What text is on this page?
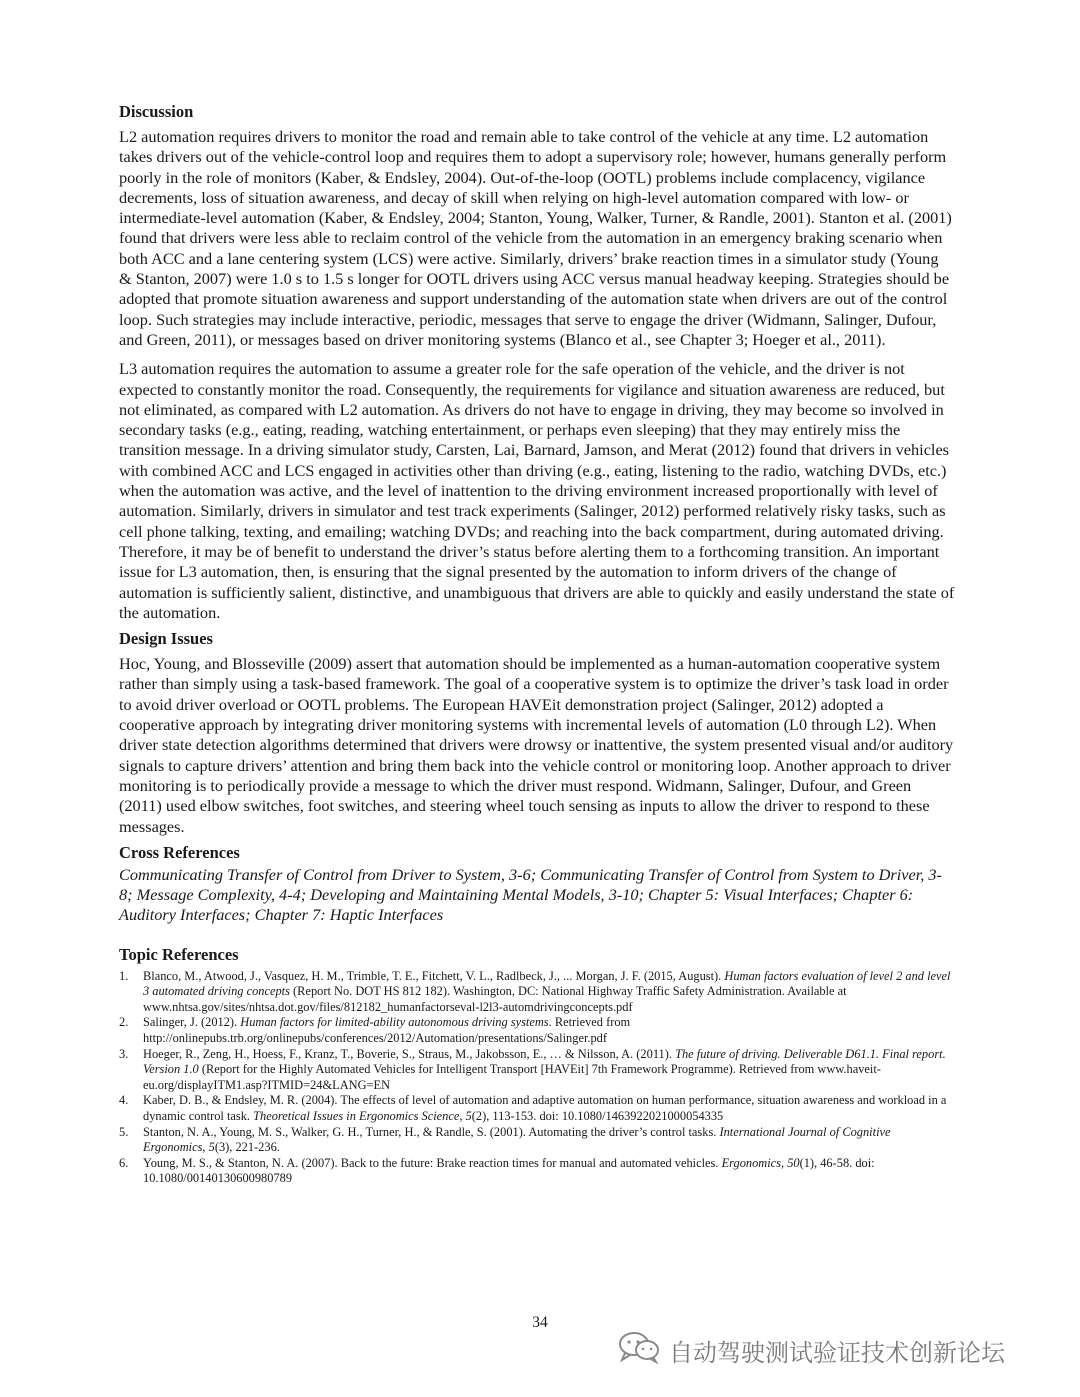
Discussion

L2 automation requires drivers to monitor the road and remain able to take control of the vehicle at any time. L2 automation takes drivers out of the vehicle-control loop and requires them to adopt a supervisory role; however, humans generally perform poorly in the role of monitors (Kaber, & Endsley, 2004). Out-of-the-loop (OOTL) problems include complacency, vigilance decrements, loss of situation awareness, and decay of skill when relying on high-level automation compared with low- or intermediate-level automation (Kaber, & Endsley, 2004; Stanton, Young, Walker, Turner, & Randle, 2001). Stanton et al. (2001) found that drivers were less able to reclaim control of the vehicle from the automation in an emergency braking scenario when both ACC and a lane centering system (LCS) were active. Similarly, drivers’ brake reaction times in a simulator study (Young & Stanton, 2007) were 1.0 s to 1.5 s longer for OOTL drivers using ACC versus manual headway keeping. Strategies should be adopted that promote situation awareness and support understanding of the automation state when drivers are out of the control loop. Such strategies may include interactive, periodic, messages that serve to engage the driver (Widmann, Salinger, Dufour, and Green, 2011), or messages based on driver monitoring systems (Blanco et al., see Chapter 3; Hoeger et al., 2011).

L3 automation requires the automation to assume a greater role for the safe operation of the vehicle, and the driver is not expected to constantly monitor the road. Consequently, the requirements for vigilance and situation awareness are reduced, but not eliminated, as compared with L2 automation. As drivers do not have to engage in driving, they may become so involved in secondary tasks (e.g., eating, reading, watching entertainment, or perhaps even sleeping) that they may entirely miss the transition message. In a driving simulator study, Carsten, Lai, Barnard, Jamson, and Merat (2012) found that drivers in vehicles with combined ACC and LCS engaged in activities other than driving (e.g., eating, listening to the radio, watching DVDs, etc.) when the automation was active, and the level of inattention to the driving environment increased proportionally with level of automation. Similarly, drivers in simulator and test track experiments (Salinger, 2012) performed relatively risky tasks, such as cell phone talking, texting, and emailing; watching DVDs; and reaching into the back compartment, during automated driving. Therefore, it may be of benefit to understand the driver’s status before alerting them to a forthcoming transition. An important issue for L3 automation, then, is ensuring that the signal presented by the automation to inform drivers of the change of automation is sufficiently salient, distinctive, and unambiguous that drivers are able to quickly and easily understand the state of the automation.

Design Issues

Hoc, Young, and Blosseville (2009) assert that automation should be implemented as a human-automation cooperative system rather than simply using a task-based framework. The goal of a cooperative system is to optimize the driver’s task load in order to avoid driver overload or OOTL problems. The European HAVEit demonstration project (Salinger, 2012) adopted a cooperative approach by integrating driver monitoring systems with incremental levels of automation (L0 through L2). When driver state detection algorithms determined that drivers were drowsy or inattentive, the system presented visual and/or auditory signals to capture drivers’ attention and bring them back into the vehicle control or monitoring loop. Another approach to driver monitoring is to periodically provide a message to which the driver must respond. Widmann, Salinger, Dufour, and Green (2011) used elbow switches, foot switches, and steering wheel touch sensing as inputs to allow the driver to respond to these messages.

Cross References

Communicating Transfer of Control from Driver to System, 3-6; Communicating Transfer of Control from System to Driver, 3-8; Message Complexity, 4-4; Developing and Maintaining Mental Models, 3-10; Chapter 5: Visual Interfaces; Chapter 6: Auditory Interfaces; Chapter 7: Haptic Interfaces

Topic References
1. Blanco, M., Atwood, J., Vasquez, H. M., Trimble, T. E., Fitchett, V. L., Radlbeck, J., ... Morgan, J. F. (2015, August). Human factors evaluation of level 2 and level 3 automated driving concepts (Report No. DOT HS 812 182). Washington, DC: National Highway Traffic Safety Administration. Available at www.nhtsa.gov/sites/nhtsa.dot.gov/files/812182_humanfactorseval-l2l3-automdrivingconcepts.pdf
2. Salinger, J. (2012). Human factors for limited-ability autonomous driving systems. Retrieved from http://onlinepubs.trb.org/onlinepubs/conferences/2012/Automation/presentations/Salinger.pdf
3. Hoeger, R., Zeng, H., Hoess, F., Kranz, T., Boverie, S., Straus, M., Jakobsson, E., … & Nilsson, A. (2011). The future of driving. Deliverable D61.1. Final report. Version 1.0 (Report for the Highly Automated Vehicles for Intelligent Transport [HAVEit] 7th Framework Programme). Retrieved from www.haveit-eu.org/displayITM1.asp?ITMID=24&LANG=EN
4. Kaber, D. B., & Endsley, M. R. (2004). The effects of level of automation and adaptive automation on human performance, situation awareness and workload in a dynamic control task. Theoretical Issues in Ergonomics Science, 5(2), 113-153. doi: 10.1080/1463922021000054335
5. Stanton, N. A., Young, M. S., Walker, G. H., Turner, H., & Randle, S. (2001). Automating the driver’s control tasks. International Journal of Cognitive Ergonomics, 5(3), 221-236.
6. Young, M. S., & Stanton, N. A. (2007). Back to the future: Brake reaction times for manual and automated vehicles. Ergonomics, 50(1), 46-58. doi: 10.1080/00140130600980789
34
自动驾驶测试验证技术创新论坛
